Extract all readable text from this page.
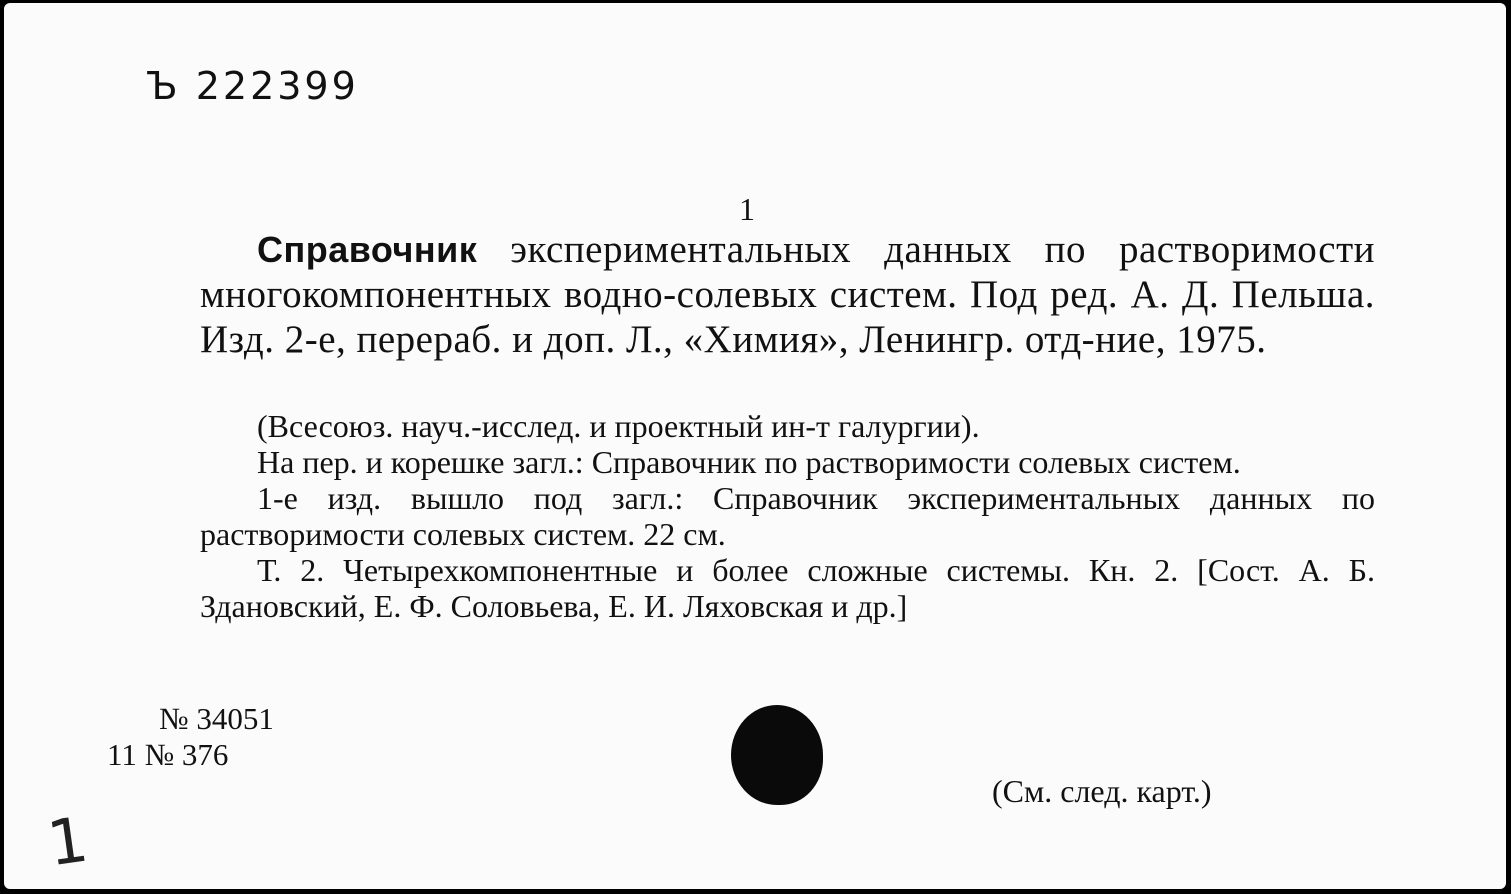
Ъ 222399
1
Справочник экспериментальных данных по растворимости многокомпонентных водно-солевых систем. Под ред. А. Д. Пельша. Изд. 2-е, перераб. и доп. Л., «Химия», Ленингр. отд-ние, 1975.

(Всесоюз. науч.-исслед. и проектный ин-т галургии).

На пер. и корешке загл.: Справочник по растворимости солевых систем.

1-е изд. вышло под загл.: Справочник экспериментальных данных по растворимости солевых систем. 22 см.

Т. 2. Четырехкомпонентные и более сложные системы. Кн. 2. [Сост. А. Б. Здановский, Е. Ф. Соловьева, Е. И. Ляховская и др.]

№ 34051
11 № 376
(См. след. карт.)
1
